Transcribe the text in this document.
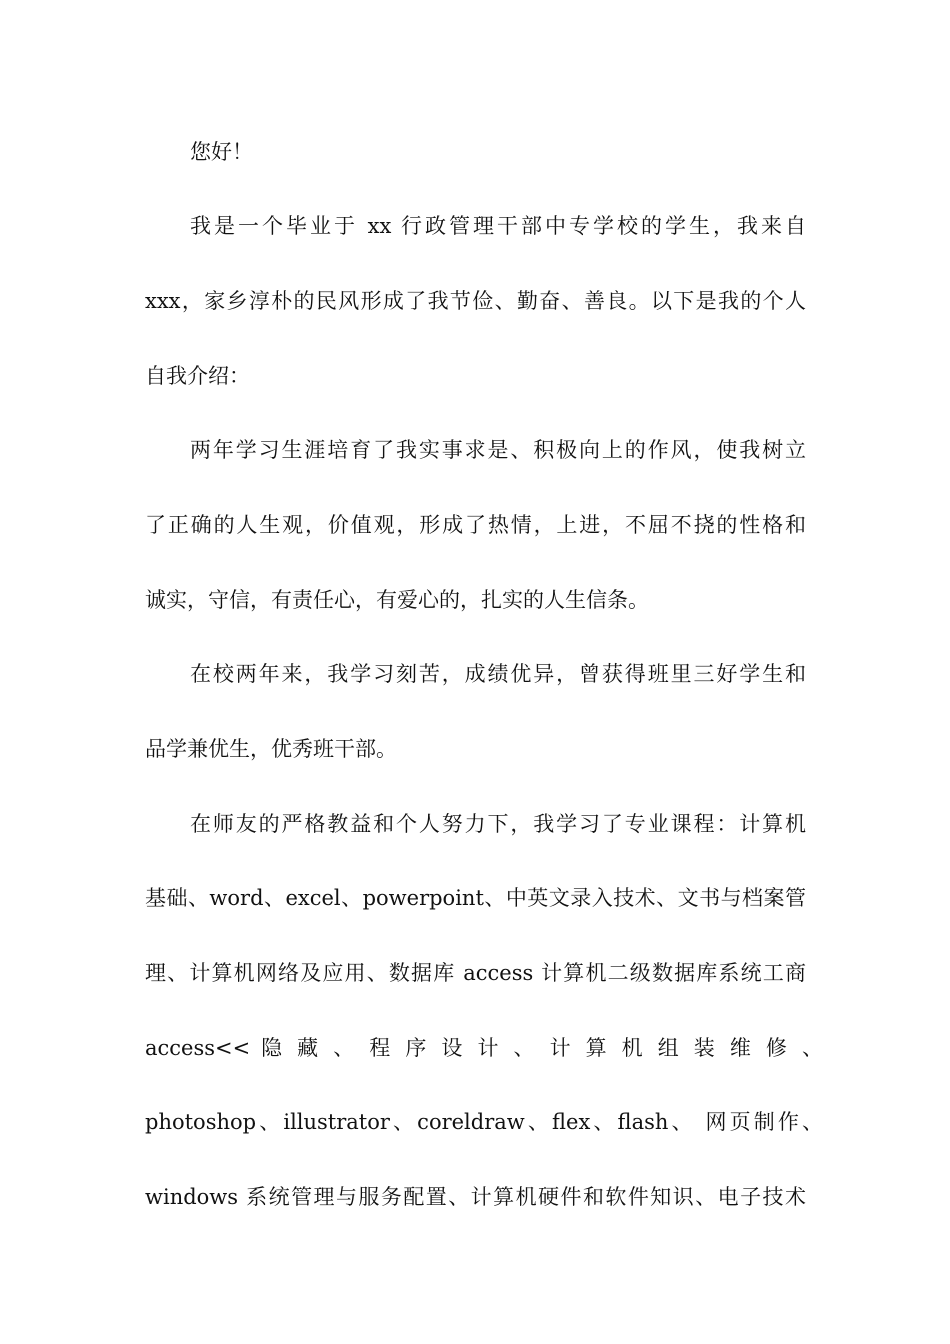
您好！
我是一个毕业于 xx 行政管理干部中专学校的学生，我来自
xxx，家乡淳朴的民风形成了我节俭、勤奋、善良。以下是我的个人
自我介绍：
两年学习生涯培育了我实事求是、积极向上的作风，使我树立
了正确的人生观，价值观，形成了热情，上进，不屈不挠的性格和
诚实，守信，有责任心，有爱心的，扎实的人生信条。
在校两年来，我学习刻苦，成绩优异，曾获得班里三好学生和
品学兼优生，优秀班干部。
在师友的严格教益和个人努力下，我学习了专业课程：计算机
基础、word、excel、powerpoint、中英文录入技术、文书与档案管
理、计算机网络及应用、数据库 access 计算机二级数据库系统工商
access<< 隐 藏 、 程 序 设 计 、 计 算 机 组 装 维 修 、
photoshop、illustrator、coreldraw、flex、flash、 网页制作、
windows 系统管理与服务配置、计算机硬件和软件知识、电子技术
